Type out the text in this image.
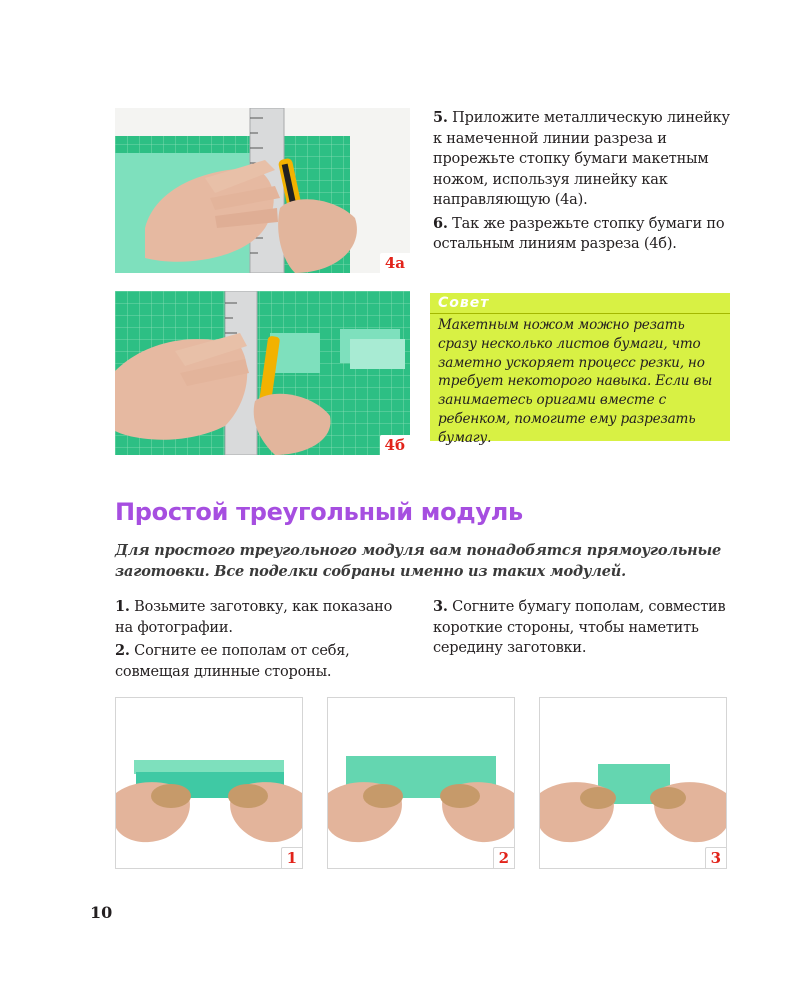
4а
4б

5. Приложите металлическую линейку к намеченной линии разреза и прорежьте стопку бумаги макетным ножом, используя линейку как направляющую (4а).

6. Так же разрежьте стопку бумаги по остальным линиям разреза (4б).

Совет
Макетным ножом можно резать сразу несколько листов бумаги, что заметно ускоряет процесс резки, но требует некоторого навыка. Если вы занимаетесь оригами вместе с ребенком, помогите ему разрезать бумагу.
Простой треугольный модуль
Для простого треугольного модуля вам понадобятся прямоугольные заготовки. Все поделки собраны именно из таких модулей.

1. Возьмите заготовку, как показано на фотографии.

2. Согните ее пополам от себя, совмещая длинные стороны.

3. Согните бумагу пополам, совместив короткие стороны, чтобы наметить середину заготовки.

1	2	3
10
